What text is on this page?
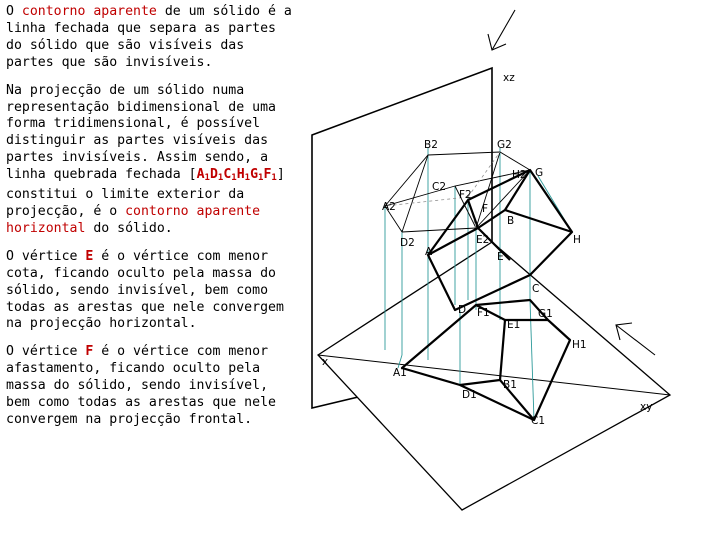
O contorno aparente de um sólido é a linha fechada que separa as partes do sólido que são visíveis das partes que são invisíveis.

Na projecção de um sólido numa representação bidimensional de uma forma tridimensional, é possível distinguir as partes visíveis das partes invisíveis. Assim sendo, a linha quebrada fechada $[A_1D_1C_1H_1G_1F_1]$ constitui o limite exterior da projecção, é o contorno aparente horizontal do sólido.

O vértice E é o vértice com menor cota, ficando oculto pela massa do sólido, sendo invisível, bem como todas as arestas que nele convergem na projecção horizontal.

O vértice F é o vértice com menor afastamento, ficando oculto pela massa do sólido, sendo invisível, bem como todas as arestas que nele convergem na projecção frontal.

xz
xy
x
B2	G2
H2 G
C2
F2
A2	F
B
D2	E2	H
A	E
C
D F1	G1
E1
H1
A1
B1
D1
C1
